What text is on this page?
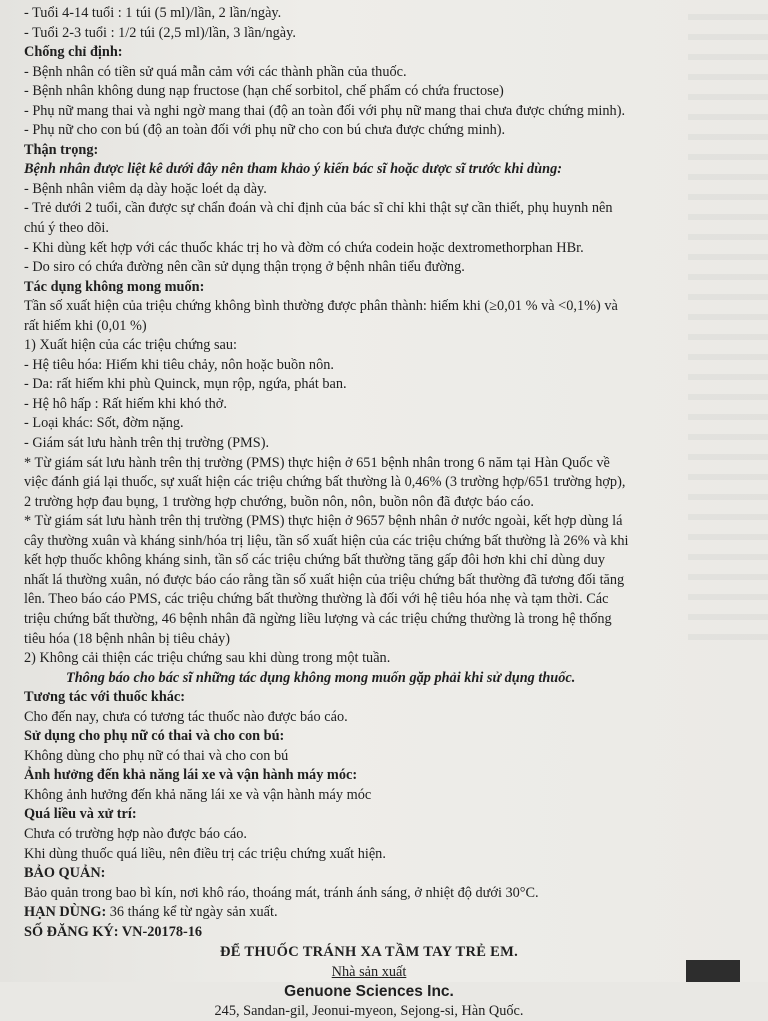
- Tuổi 4-14 tuổi : 1 túi (5 ml)/lần, 2 lần/ngày.
- Tuổi 2-3 tuổi : 1/2 túi (2,5 ml)/lần, 3 lần/ngày.
Chống chỉ định:
- Bệnh nhân có tiền sử quá mẫn cảm với các thành phần của thuốc.
- Bệnh nhân không dung nạp fructose (hạn chế sorbitol, chế phẩm có chứa fructose)
- Phụ nữ mang thai và nghi ngờ mang thai (độ an toàn đối với phụ nữ mang thai chưa được chứng minh).
- Phụ nữ cho con bú (độ an toàn đối với phụ nữ cho con bú chưa được chứng minh).
Thận trọng:
Bệnh nhân được liệt kê dưới đây nên tham khảo ý kiến bác sĩ hoặc dược sĩ trước khi dùng:
- Bệnh nhân viêm dạ dày hoặc loét dạ dày.
- Trẻ dưới 2 tuổi, cần được sự chẩn đoán và chỉ định của bác sĩ chỉ khi thật sự cần thiết, phụ huynh nên
chú ý theo dõi.
- Khi dùng kết hợp với các thuốc khác trị ho và đờm có chứa codein hoặc dextromethorphan HBr.
- Do siro có chứa đường nên cần sử dụng thận trọng ở bệnh nhân tiểu đường.
Tác dụng không mong muốn:
Tần số xuất hiện của triệu chứng không bình thường được phân thành: hiếm khi (≥0,01 % và <0,1%) và
rất hiếm khi (0,01 %)
1) Xuất hiện của các triệu chứng sau:
- Hệ tiêu hóa: Hiếm khi tiêu chảy, nôn hoặc buồn nôn.
- Da: rất hiếm khi phù Quinck, mụn rộp, ngứa, phát ban.
- Hệ hô hấp : Rất hiếm khi khó thở.
- Loại khác: Sốt, đờm nặng.
- Giám sát lưu hành trên thị trường (PMS).
* Từ giám sát lưu hành trên thị trường (PMS) thực hiện ở 651 bệnh nhân trong 6 năm tại Hàn Quốc về
việc đánh giá lại thuốc, sự xuất hiện các triệu chứng bất thường là 0,46% (3 trường hợp/651 trường hợp),
2 trường hợp đau bụng, 1 trường hợp chướng, buồn nôn, nôn, buồn nôn đã được báo cáo.
* Từ giám sát lưu hành trên thị trường (PMS) thực hiện ở 9657 bệnh nhân ở nước ngoài, kết hợp dùng lá
cây thường xuân và kháng sinh/hóa trị liệu, tần số xuất hiện của các triệu chứng bất thường là 26% và khi
kết hợp thuốc không kháng sinh, tần số các triệu chứng bất thường tăng gấp đôi hơn khi chỉ dùng duy
nhất lá thường xuân, nó được báo cáo rằng tần số xuất hiện của triệu chứng bất thường đã tương đối tăng
lên. Theo báo cáo PMS, các triệu chứng bất thường thường là đối với hệ tiêu hóa nhẹ và tạm thời. Các
triệu chứng bất thường, 46 bệnh nhân đã ngừng liều lượng và các triệu chứng thường là trong hệ thống
tiêu hóa (18 bệnh nhân bị tiêu chảy)
2) Không cải thiện các triệu chứng sau khi dùng trong một tuần.
Thông báo cho bác sĩ những tác dụng không mong muốn gặp phải khi sử dụng thuốc.
Tương tác với thuốc khác:
Cho đến nay, chưa có tương tác thuốc nào được báo cáo.
Sử dụng cho phụ nữ có thai và cho con bú:
Không dùng cho phụ nữ có thai và cho con bú
Ảnh hưởng đến khả năng lái xe và vận hành máy móc:
Không ảnh hưởng đến khả năng lái xe và vận hành máy móc
Quá liều và xử trí:
Chưa có trường hợp nào được báo cáo.
Khi dùng thuốc quá liều, nên điều trị các triệu chứng xuất hiện.
BẢO QUẢN:
Bảo quản trong bao bì kín, nơi khô ráo, thoáng mát, tránh ánh sáng, ở nhiệt độ dưới 30°C.
HẠN DÙNG: 36 tháng kể từ ngày sản xuất.
SỐ ĐĂNG KÝ: VN-20178-16
ĐỂ THUỐC TRÁNH XA TẦM TAY TRẺ EM.
Nhà sản xuất
Genuone Sciences Inc.
245, Sandan-gil, Jeonui-myeon, Sejong-si, Hàn Quốc.
